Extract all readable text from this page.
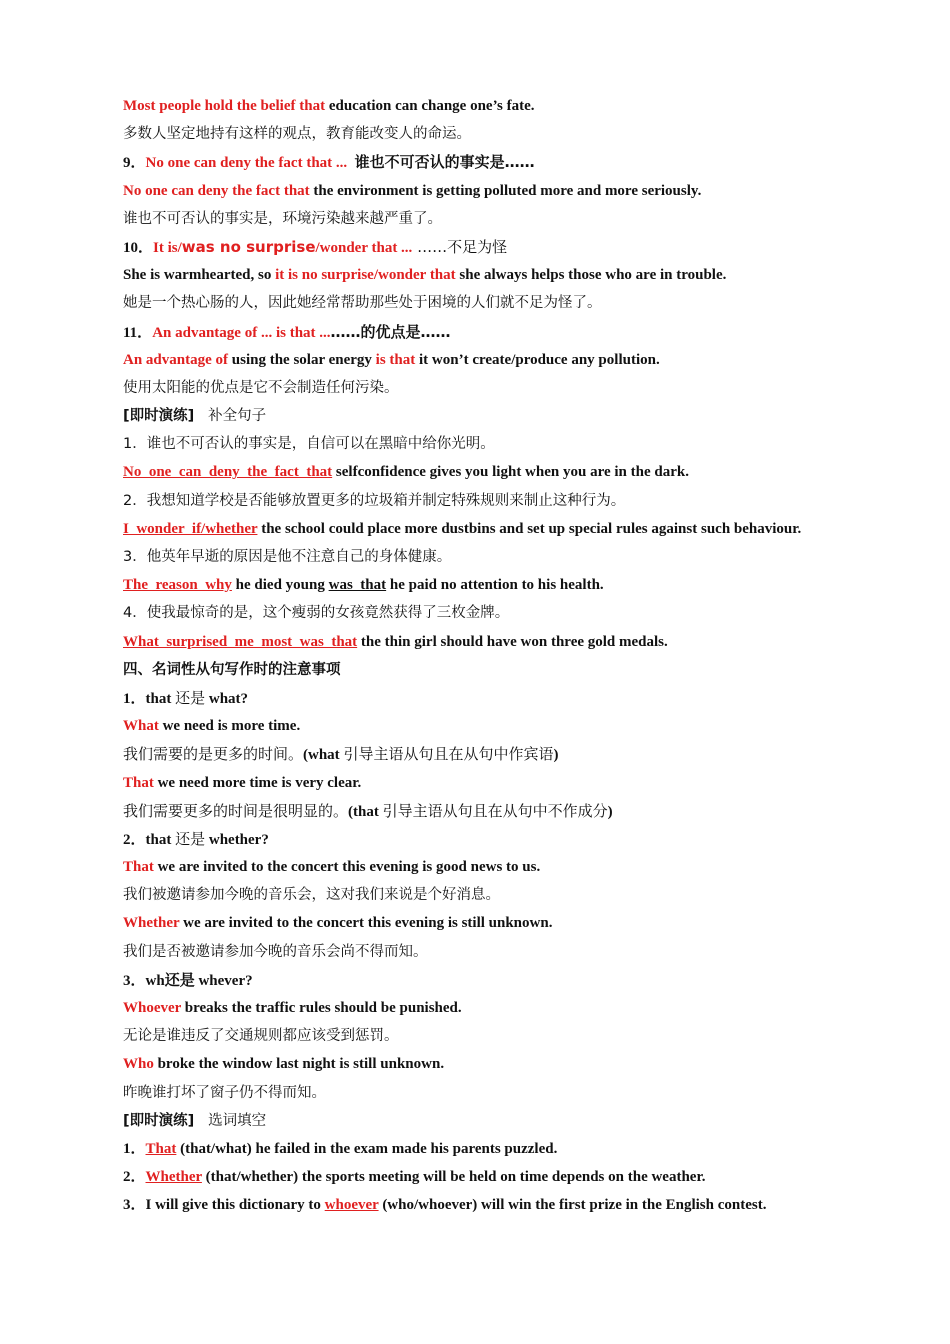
Most people hold the belief that education can change one’s fate.
多数人坚定地持有这样的观点，教育能改变人的命运。
9．No one can deny the fact that ... 谁也不可否认的事实是……
No one can deny the fact that the environment is getting polluted more and more seriously.
谁也不可否认的事实是，环境污染越来越严重了。
10．It is/was no surprise/wonder that ... ……不足为怪
She is warmhearted, so it is no surprise/wonder that she always helps those who are in trouble.
她是一个热心肠的人，因此她经常帮助那些处于困境的人们就不足为怪了。
11．An advantage of ... is that ...……的优点是……
An advantage of using the solar energy is that it won’t create/produce any pollution.
使用太阳能的优点是它不会制造任何污染。
[即时演练]   补全句子
1．谁也不可否认的事实是，自信可以在黑暗中给你光明。
No  one  can  deny  the  fact  that selfconfidence gives you light when you are in the dark.
2．我想知道学校是否能够放置更多的垃圾箱并制定特殊规则来制止这种行为。
I  wonder  if/whether the school could place more dustbins and set up special rules against such behaviour.
3．他英年早逝的原因是他不注意自己的身体健康。
The  reason  why he died young was  that he paid no attention to his health.
4．使我最惊奇的是，这个瘦弱的女孩竟然获得了三枚金牌。
What  surprised  me  most  was  that the thin girl should have won three gold medals.
四、名词性从句写作时的注意事项
1．that 还是 what?
What we need is more time.
我们需要的是更多的时间。(what 引导主语从句且在从句中作宾语)
That we need more time is very clear.
我们需要更多的时间是很明显的。(that 引导主语从句且在从句中不作成分)
2．that 还是 whether?
That we are invited to the concert this evening is good news to us.
我们被邀请参加今晚的音乐会，这对我们来说是个好消息。
Whether we are invited to the concert this evening is still unknown.
我们是否被邀请参加今晚的音乐会尚不得而知。
3．wh还是 whever?
Whoever breaks the traffic rules should be punished.
无论是谁违反了交通规则都应该受到惩罚。
Who broke the window last night is still unknown.
昨晚谁打坏了窗子仍不得而知。
[即时演练]   选词填空
1．That (that/what) he failed in the exam made his parents puzzled.
2．Whether (that/whether) the sports meeting will be held on time depends on the weather.
3．I will give this dictionary to whoever (who/whoever) will win the first prize in the English contest.
